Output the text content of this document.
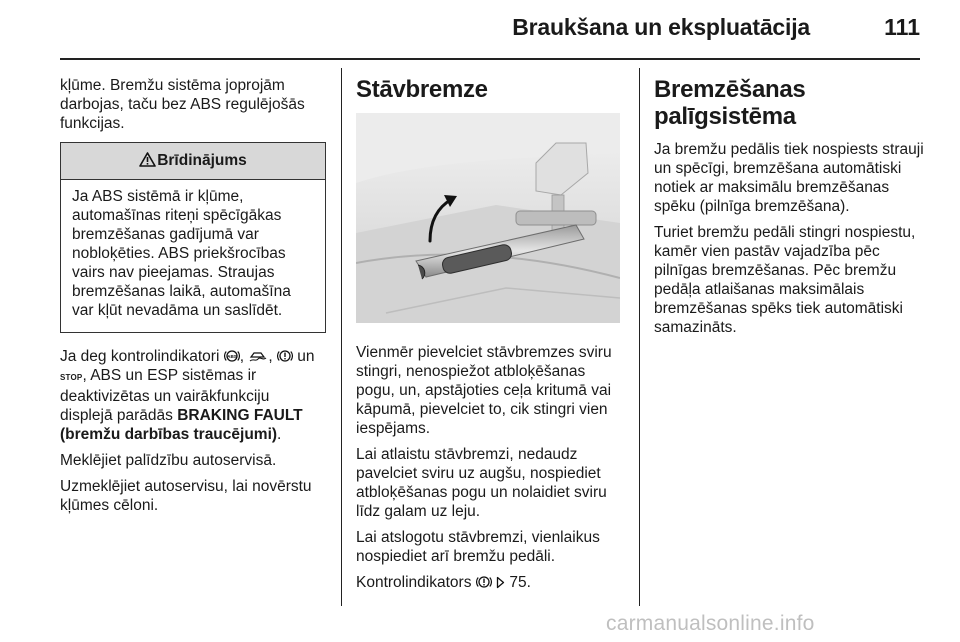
Braukšana un ekspluatācija	111

kļūme. Bremžu sistēma joprojām darbojas, taču bez ABS regulējošās funkcijas.

Brīdinājums
Ja ABS sistēmā ir kļūme, automašīnas riteņi spēcīgākas bremzēšanas gadījumā var nobloķēties. ABS priekšrocības vairs nav pieejamas. Straujas bremzēšanas laikā, automašīna var kļūt nevadāma un saslīdēt.

Ja deg kontrolindikatori ABS , , un STOP, ABS un ESP sistēmas ir deaktivizētas un vairākfunkciju displejā parādās BRAKING FAULT (bremžu darbības traucējumi).

Meklējiet palīdzību autoservisā.

Uzmeklējiet autoservisu, lai novērstu kļūmes cēloni.

Stāvbremze

Vienmēr pievelciet stāvbremzes sviru stingri, nenospiežot atbloķēšanas pogu, un, apstājoties ceļa kritumā vai kāpumā, pievelciet to, cik stingri vien iespējams.

Lai atlaistu stāvbremzi, nedaudz pavelciet sviru uz augšu, nospiediet atbloķēšanas pogu un nolaidiet sviru līdz galam uz leju.

Lai atslogotu stāvbremzi, vienlaikus nospiediet arī bremžu pedāli.

Kontrolindikators 75.

Bremzēšanas palīgsistēma

Ja bremžu pedālis tiek nospiests strauji un spēcīgi, bremzēšana automātiski notiek ar maksimālu bremzēšanas spēku (pilnīga bremzēšana).

Turiet bremžu pedāli stingri nospiestu, kamēr vien pastāv vajadzība pēc pilnīgas bremzēšanas. Pēc bremžu pedāļa atlaišanas maksimālais bremzēšanas spēks tiek automātiski samazināts.

carmanualsonline.info
